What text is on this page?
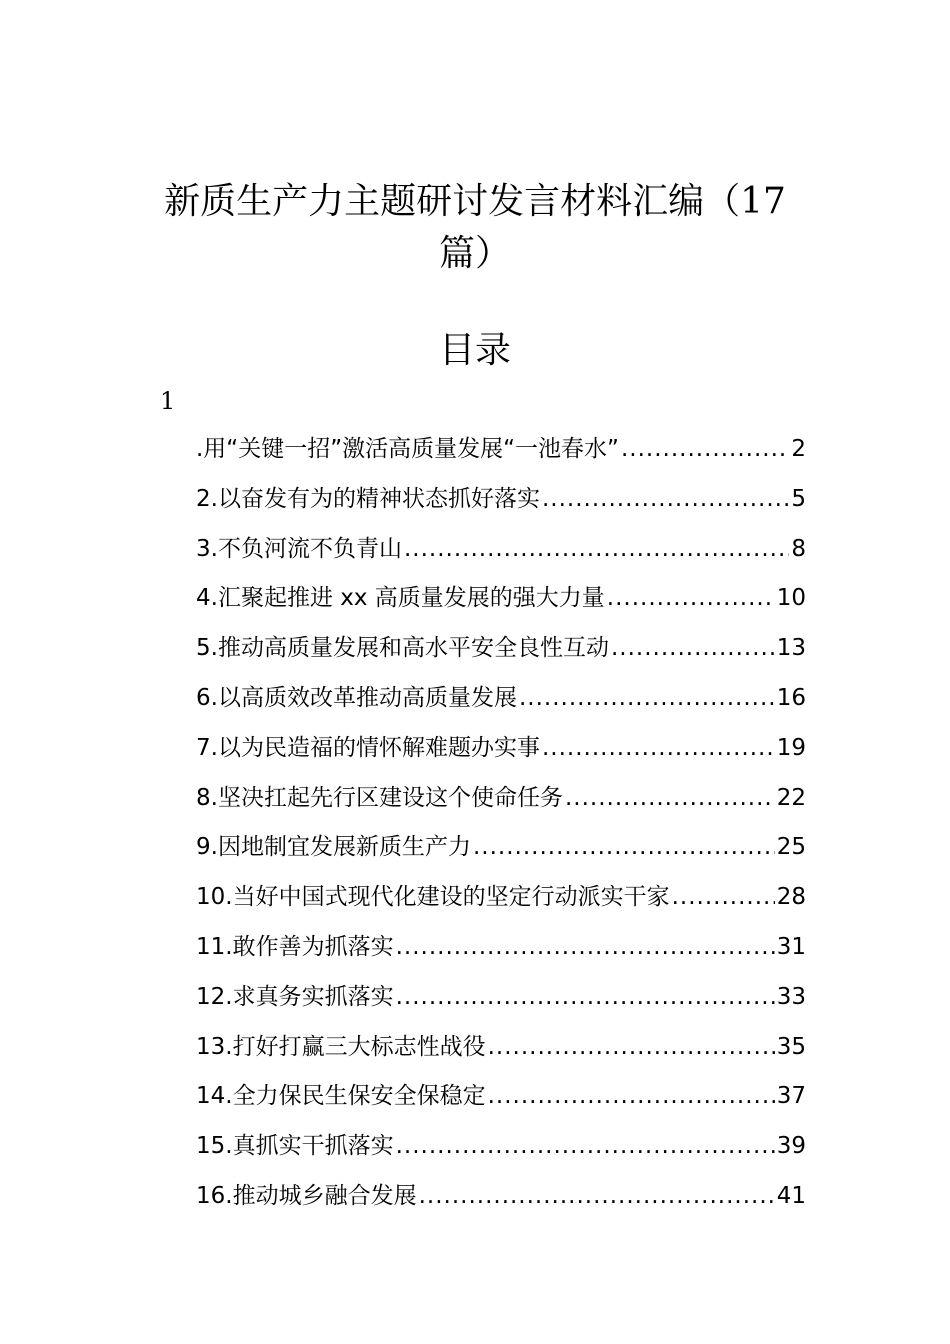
新质生产力主题研讨发言材料汇编（17
篇）
目录
1
.用“关键一招”激活高质量发展“一池春水” .....	2
2.以奋发有为的精神状态抓好落实 .....	5
3.不负河流不负青山 .....	8
4.汇聚起推进 xx 高质量发展的强大力量 .....	10
5.推动高质量发展和高水平安全良性互动 .....	13
6.以高质效改革推动高质量发展 .....	16
7.以为民造福的情怀解难题办实事 .....	19
8.坚决扛起先行区建设这个使命任务 .....	22
9.因地制宜发展新质生产力 .....	25
10.当好中国式现代化建设的坚定行动派实干家 .....	28
11.敢作善为抓落实 .....	31
12.求真务实抓落实 .....	33
13.打好打赢三大标志性战役 .....	35
14.全力保民生保安全保稳定 .....	37
15.真抓实干抓落实 .....	39
16.推动城乡融合发展 .....	41
